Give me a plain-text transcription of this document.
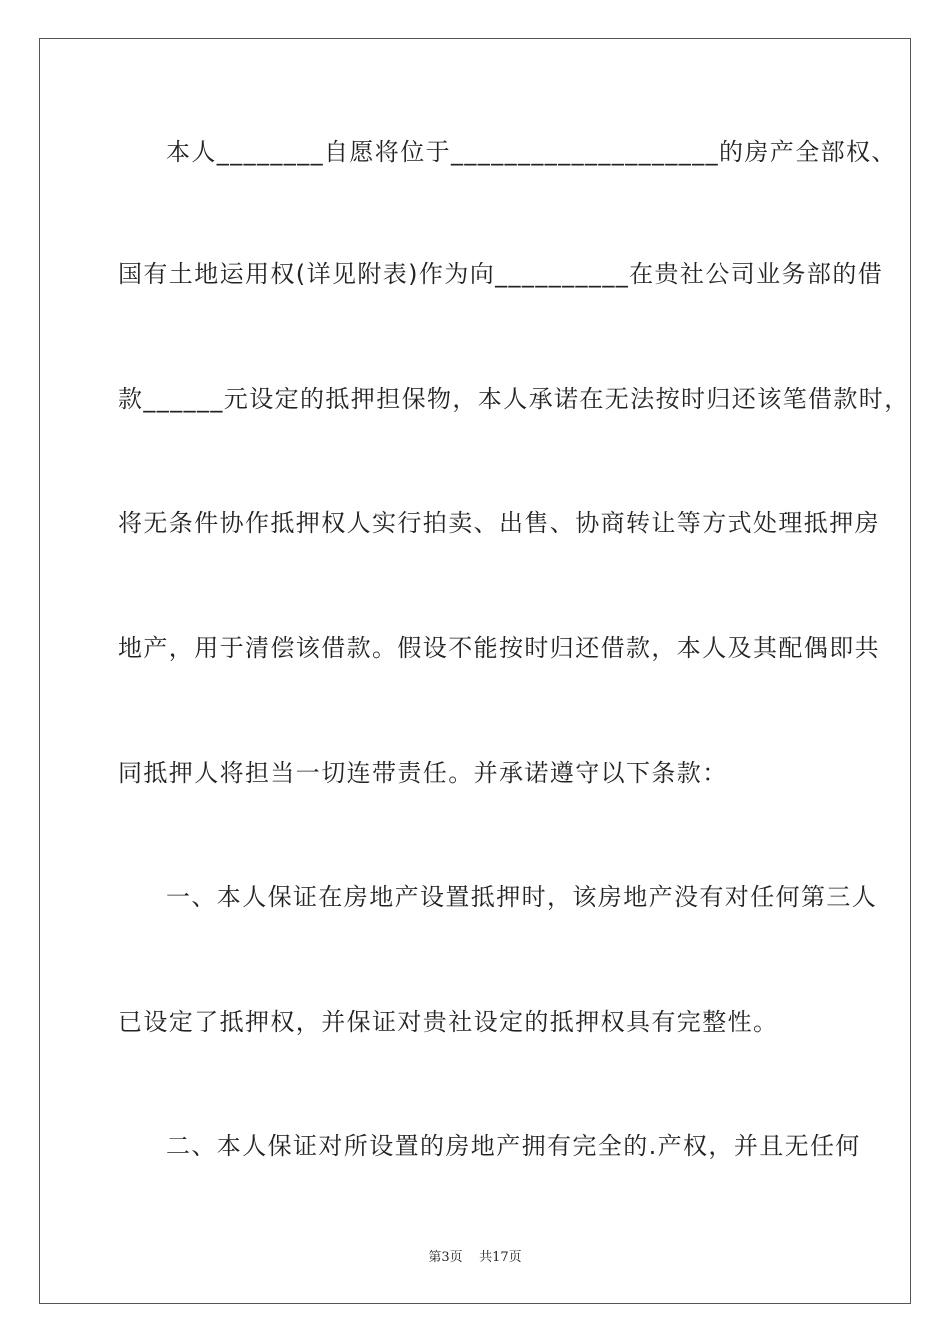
本人________自愿将位于____________________的房产全部权、
国有土地运用权(详见附表)作为向__________在贵社公司业务部的借
款______元设定的抵押担保物，本人承诺在无法按时归还该笔借款时，
将无条件协作抵押权人实行拍卖、出售、协商转让等方式处理抵押房
地产，用于清偿该借款。假设不能按时归还借款，本人及其配偶即共
同抵押人将担当一切连带责任。并承诺遵守以下条款：
一、本人保证在房地产设置抵押时，该房地产没有对任何第三人
已设定了抵押权，并保证对贵社设定的抵押权具有完整性。
二、本人保证对所设置的房地产拥有完全的.产权，并且无任何
第3页 共17页
